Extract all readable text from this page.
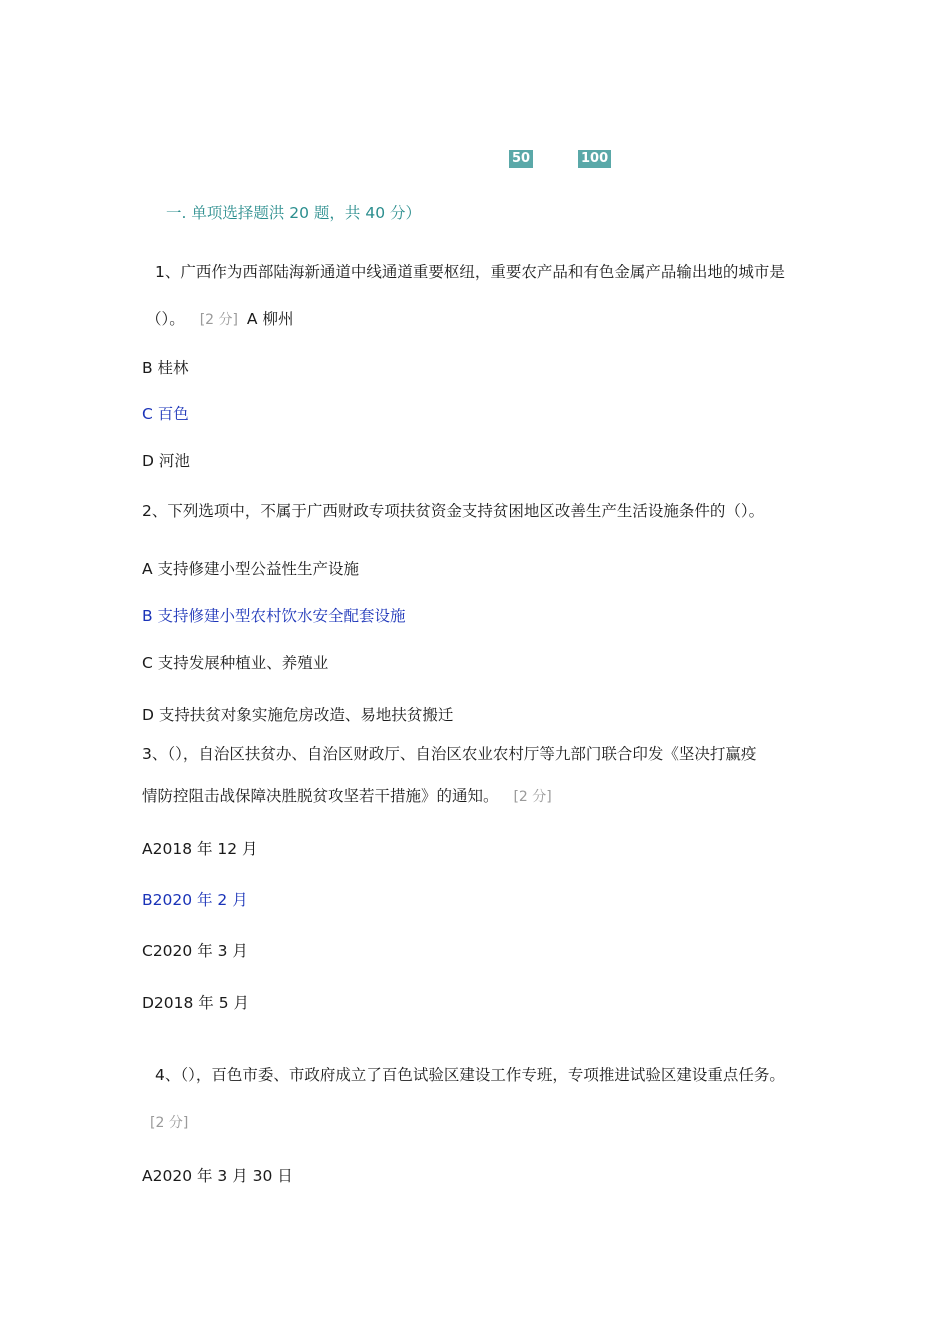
50	100
一. 单项选择题洪 20 题，共 40 分）
1、广西作为西部陆海新通道中线通道重要枢纽，重要农产品和有色金属产品输出地的城市是
（）。 [2 分] A 柳州
B 桂林
C 百色
D 河池
2、下列选项中，不属于广西财政专项扶贫资金支持贫困地区改善生产生活设施条件的（）。
A 支持修建小型公益性生产设施
B 支持修建小型农村饮水安全配套设施
C 支持发展种植业、养殖业
D 支持扶贫对象实施危房改造、易地扶贫搬迁
3、（），自治区扶贫办、自治区财政厅、自治区农业农村厅等九部门联合印发《坚决打赢疫
情防控阻击战保障决胜脱贫攻坚若干措施》的通知。 [2 分]
A2018 年 12 月
B2020 年 2 月
C2020 年 3 月
D2018 年 5 月
4、（），百色市委、市政府成立了百色试验区建设工作专班，专项推进试验区建设重点任务。
[2 分]
A2020 年 3 月 30 日
